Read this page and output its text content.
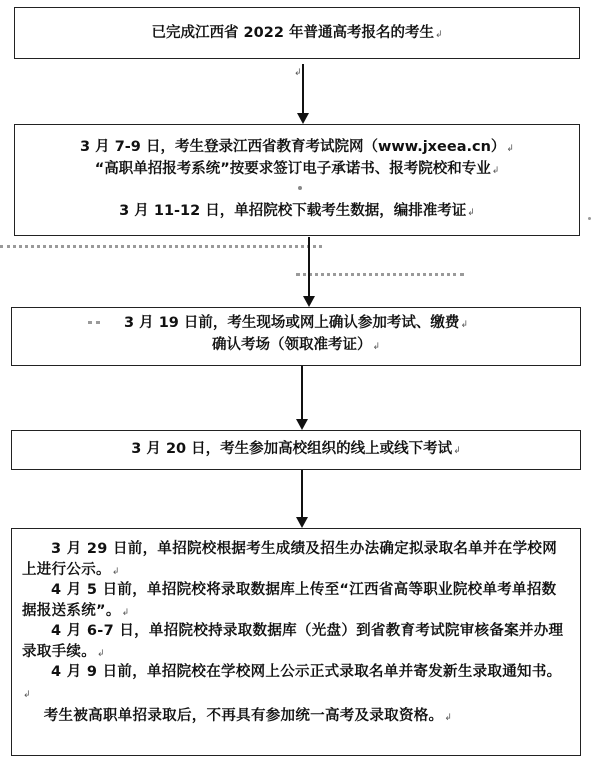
已完成江西省 2022 年普通高考报名的考生↲
↲
3 月 7-9 日，考生登录江西省教育考试院网（www.jxeea.cn）↲
“高职单招报考系统”按要求签订电子承诺书、报考院校和专业↲
3 月 11-12 日，单招院校下载考生数据，编排准考证↲
3 月 19 日前，考生现场或网上确认参加考试、缴费↲
确认考场（领取准考证）↲
3 月 20 日，考生参加高校组织的线上或线下考试↲
3 月 29 日前，单招院校根据考生成绩及招生办法确定拟录取名单并在学校网上进行公示。↲
4 月 5 日前，单招院校将录取数据库上传至“江西省高等职业院校单考单招数据报送系统”。↲
4 月 6-7 日，单招院校持录取数据库（光盘）到省教育考试院审核备案并办理录取手续。↲
4 月 9 日前，单招院校在学校网上公示正式录取名单并寄发新生录取通知书。↲
考生被高职单招录取后，不再具有参加统一高考及录取资格。↲
